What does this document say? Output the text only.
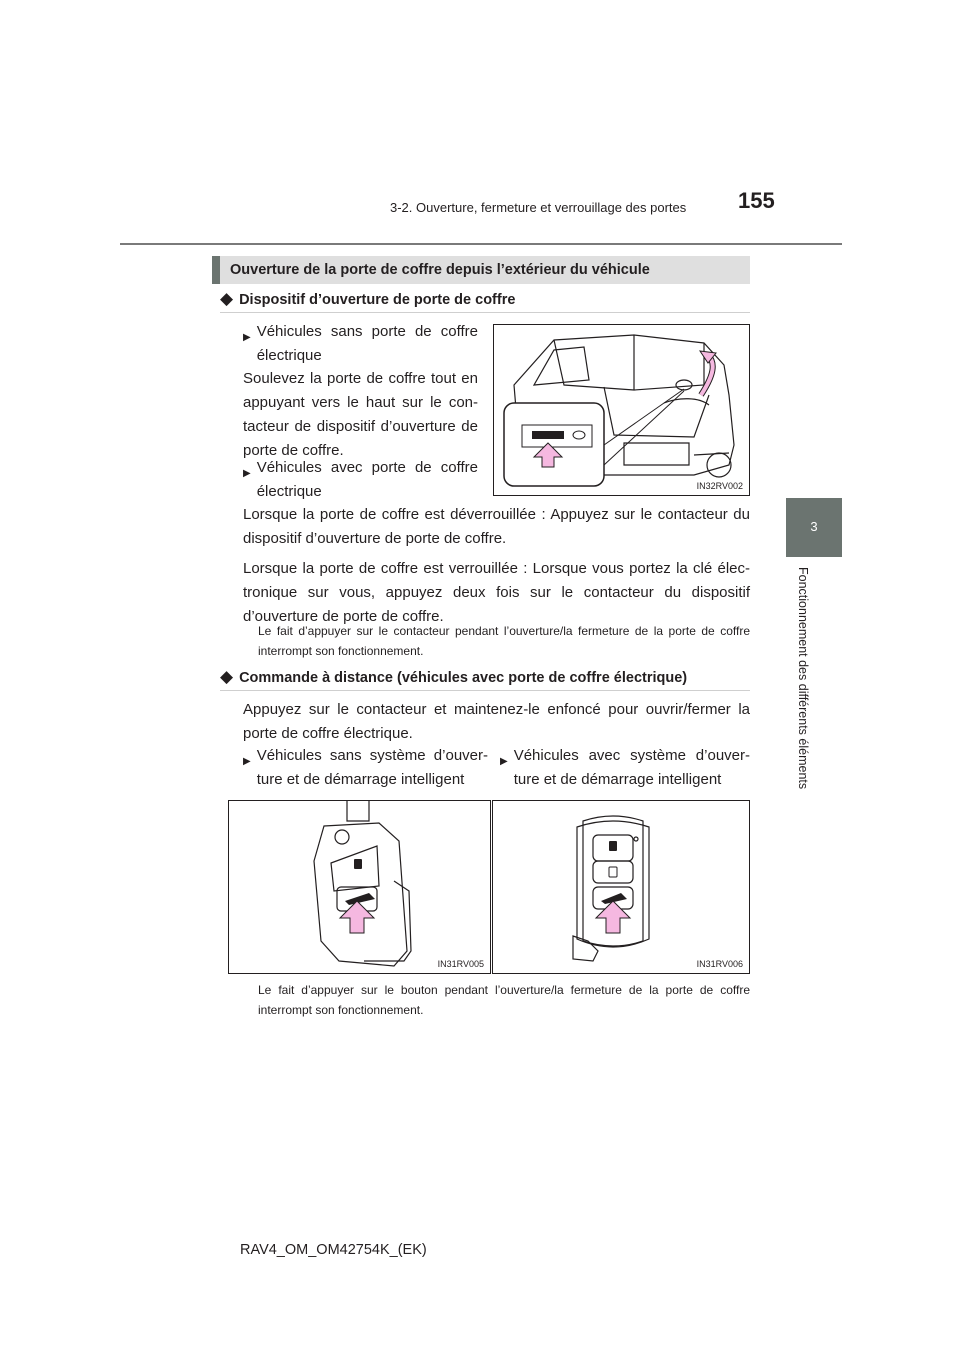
3-2. Ouverture, fermeture et verrouillage des portes 155
3
Fonctionnement des différents éléments
Ouverture de la porte de coffre depuis l’extérieur du véhicule
◆ Dispositif d’ouverture de porte de coffre
▶ Véhicules sans porte de coffre électrique
Soulevez la porte de coffre tout en appuyant vers le haut sur le con-tacteur de dispositif d’ouverture de porte de coffre.
▶ Véhicules avec porte de coffre électrique	IN32RV002
Lorsque la porte de coffre est déverrouillée : Appuyez sur le contacteur du dispositif d’ouverture de porte de coffre.
Lorsque la porte de coffre est verrouillée : Lorsque vous portez la clé élec-tronique sur vous, appuyez deux fois sur le contacteur du dispositif d’ouverture de porte de coffre.
Le fait d’appuyer sur le contacteur pendant l’ouverture/la fermeture de la porte de coffre interrompt son fonctionnement.
◆ Commande à distance (véhicules avec porte de coffre électrique)
Appuyez sur le contacteur et maintenez-le enfoncé pour ouvrir/fermer la porte de coffre électrique.
▶ Véhicules sans système d’ouver-ture et de démarrage intelligent
▶ Véhicules avec système d’ouver-ture et de démarrage intelligent
IN31RV005	IN31RV006
Le fait d’appuyer sur le bouton pendant l’ouverture/la fermeture de la porte de coffre interrompt son fonctionnement.
RAV4_OM_OM42754K_(EK)
